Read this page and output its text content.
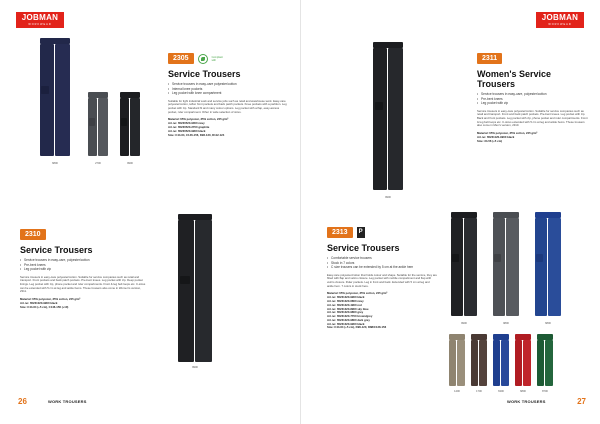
JOBMAN
WORKWEAR
6800	2700	9900
2305	Compliant with
Service Trousers
• Service trousers in easy-care polyester/cotton
• Internal knee pockets
• Leg pocket with knee compartment
Suitable for light industrial work and service jobs such as retail and warehouse work. Easy-care polyester/cotton, teflon front pockets and back patch pockets. Knee pockets with a partition. Leg pocket with zip. Standard fit and many colour options. Leg pocket with a flap, easy-access pocket, ruler compartment. Other in wide selection of sizes.
Material: 65% polyester, 35% cotton, 245 g/m²
Art.no: 65230520-9000 navy
Art.no: 65230520-2700 graphite
Art.no: 65230520-9900 black
Size: C44-64, C146-156, D96-120, D112-124
2310
Service Trousers
• Service trousers in easy-care, polyester/cotton
• Pre-bent knees
• Leg pocket with zip
Service trousers in easy-care polyester/cotton. Suitable for service companies such as retail and transport. Front pockets and back patch pockets. Pre-bent knees. Leg pocket with zip. Deep pocket linings. Leg pocket with zip, phone pocket and ruler compartments. Front & leg belt loops etc. C-sizes can be extended with 5 cm at leg and ankle hems. These trousers also come in Women's version, 2311.
Material: 65% polyester, 35% cotton, 245 g/m²
Art.no: 65231020-9900 black
Size: C44-64 (+5 cm), C146-156 (+10)
9900
26	WORK TROUSERS
JOBMAN
WORKWEAR
9900
2311
Women's Service Trousers
• Service trousers in easy-care, polyester/cotton
• Pre-bent knees
• Leg pocket with zip
Service trousers in easy-care polyester/cotton. Suitable for service companies such as retail and transport. Front and back patch pockets. Pre-bent knees. Leg pocket with zip. Back and front pockets. Leg pocket with zip, phone pocket and ruler compartments. Front & leg belt loops etc. C-sizes extended with 5 cm at leg and ankle hems. These trousers also come in Men's version, 2310.
Material: 65% polyester, 35% cotton, 245 g/m²
Art.no: 65231120-9900 black
Size: 34-56 (+5 cm)
2313	P
Service Trousers
• Comfortable service trousers
• Stock in 7 colors
• C size trousers can be extended by 5 cm at the ankle hem
Easy-care polyester/cotton that holds colour and shape. Suitable for the service, they are fitted with flap and velcro closure. Leg pocket with mobile compartment and flap with velcro closure. Ruler pockets. Leg in front and back. Extended with 5 cm at leg and ankle hem. 7 colors in stock here.
Material: 65% polyester, 35% cotton, 245 g/m²
Art.no: 65231320-9900 black
Art.no: 65231320-6800 navy
Art.no: 65231320-4900 red
Art.no: 65231320-8900 sky blue
Art.no: 65231320-9800 grey
Art.no: 65231320-7700 brown/grey
Art.no: 65231320-9800 dark grey
Art.no: 65231320-9900 black
Size: C44-64 (+5 cm), D96-120, D88/C128-156
9900	9800	6800
1400	1700	6300	6800	8700
WORK TROUSERS	27
